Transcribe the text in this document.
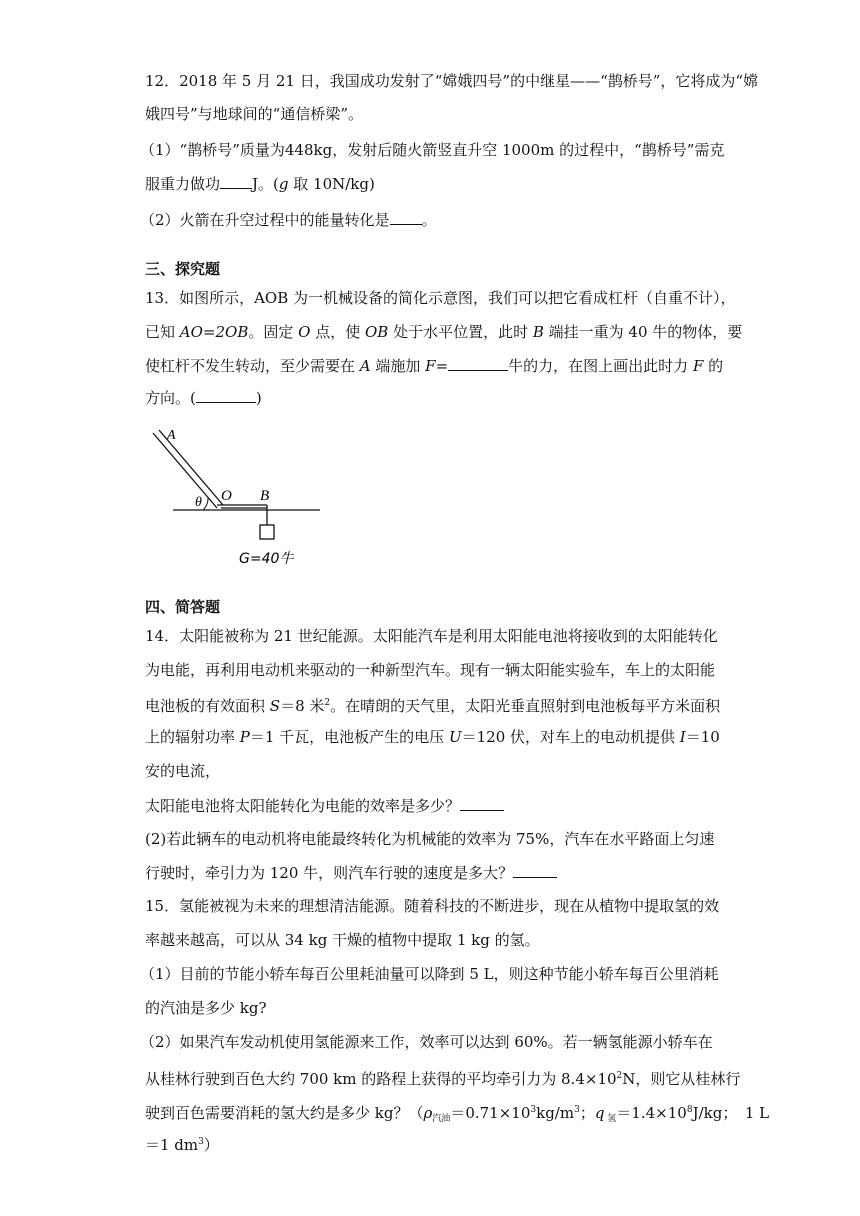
12．2018 年 5 月 21 日，我国成功发射了“嫦娥四号”的中继星——“鹊桥号”，它将成为“嫦
娥四号”与地球间的“通信桥梁”。
（1）“鹊桥号”质量为448kg，发射后随火箭竖直升空 1000m 的过程中，“鹊桥号”需克
服重力做功 J。(g 取 10N/kg)
（2）火箭在升空过程中的能量转化是 。
三、探究题
13．如图所示，AOB 为一机械设备的简化示意图，我们可以把它看成杠杆（自重不计），
已知 AO=2OB。固定 O 点，使 OB 处于水平位置，此时 B 端挂一重为 40 牛的物体，要
使杠杆不发生转动，至少需要在 A 端施加 F=	牛的力，在图上画出此时力 F 的
方向。(	)
A
θ O B
G=40牛
四、简答题
14．太阳能被称为 21 世纪能源。太阳能汽车是利用太阳能电池将接收到的太阳能转化
为电能，再利用电动机来驱动的一种新型汽车。现有一辆太阳能实验车，车上的太阳能
电池板的有效面积 S＝8 米$^2$。在晴朗的天气里，太阳光垂直照射到电池板每平方米面积
上的辐射功率 P＝1 千瓦，电池板产生的电压 U＝120 伏，对车上的电动机提供 I＝10
安的电流，
太阳能电池将太阳能转化为电能的效率是多少？
(2)若此辆车的电动机将电能最终转化为机械能的效率为 75%，汽车在水平路面上匀速
行驶时，牵引力为 120 牛，则汽车行驶的速度是多大？
15．氢能被视为未来的理想清洁能源。随着科技的不断进步，现在从植物中提取氢的效
率越来越高，可以从 34 kg 干燥的植物中提取 1 kg 的氢。
（1）目前的节能小轿车每百公里耗油量可以降到 5 L，则这种节能小轿车每百公里消耗
的汽油是多少 kg?
（2）如果汽车发动机使用氢能源来工作，效率可以达到 60%。若一辆氢能源小轿车在
从桂林行驶到百色大约 700 km 的路程上获得的平均牵引力为 $8.4\times 10^2N$，则它从桂林行
驶到百色需要消耗的氢大约是多少 kg？（$\rho_{汽油}=0.71\times 10^3kg/m^3$；q $_氢=1.4\times 10^8J/kg$；　1 L
＝1 $dm^3$）
